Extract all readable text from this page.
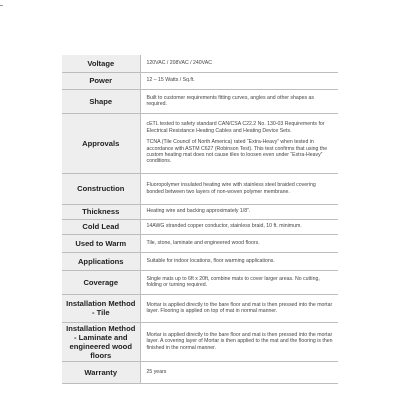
Voltage	120VAC / 208VAC / 240VAC

Power	12 – 15 Watts / Sq.ft.

Shape	Built to customer requirements fitting curves, angles and other shapes as required.

Approvals	cETL tested to safety standard CAN/CSA C22.2 No. 130-03 Requirements for Electrical Resistance Heating Cables and Heating Device Sets.
TCNA (Tile Council of North America) rated “Extra-Heavy” when tested in accordance with ASTM C627 (Robinson Test). This test confirms that using the custom heating mat does not cause tiles to loosen even under “Extra-Heavy” conditions.

Construction	Fluoropolymer insulated heating wire with stainless steel braided covering bonded between two layers of non-woven polymer membrane.

Thickness	Heating wire and backing approximately 1/8”.

Cold Lead	14AWG stranded copper conductor, stainless braid, 10 ft. minimum.

Used to Warm	Tile, stone, laminate and engineered wood floors.

Applications	Suitable for indoor locations, floor warming applications.

Coverage	Single mats up to 6ft x 20ft, combine mats to cover larger areas. No cutting, folding or turning required.

Installation Method - Tile	Mortar is applied directly to the bare floor and mat is then pressed into the mortar layer. Flooring is applied on top of mat in normal manner.

Installation Method - Laminate and engineered wood floors	Mortar is applied directly to the bare floor and mat is then pressed into the mortar layer. A covering layer of Mortar is then applied to the mat and the flooring is then finished in the normal manner.

Warranty	25 years
